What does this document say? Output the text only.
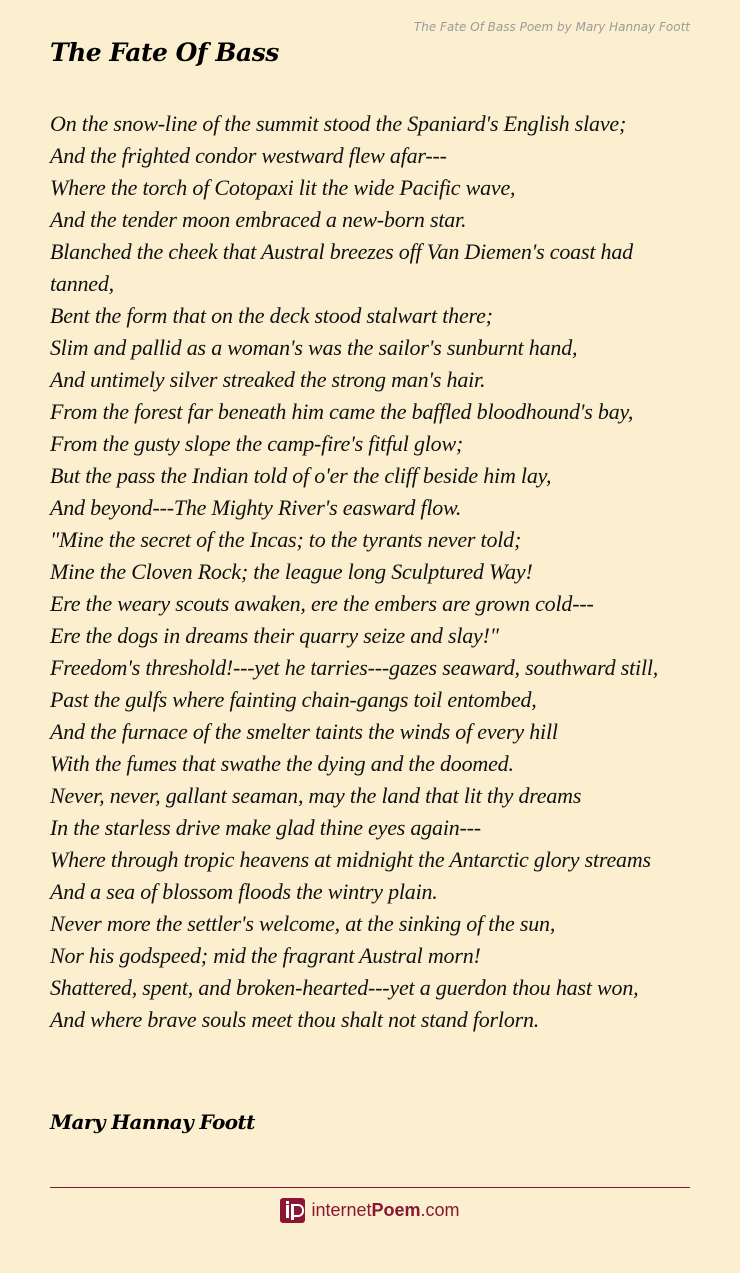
The Fate Of Bass Poem by Mary Hannay Foott
The Fate Of Bass
On the snow-line of the summit stood the Spaniard's English slave;
And the frighted condor westward flew afar---
Where the torch of Cotopaxi lit the wide Pacific wave,
And the tender moon embraced a new-born star.
Blanched the cheek that Austral breezes off Van Diemen's coast had tanned,
Bent the form that on the deck stood stalwart there;
Slim and pallid as a woman's was the sailor's sunburnt hand,
And untimely silver streaked the strong man's hair.
From the forest far beneath him came the baffled bloodhound's bay,
From the gusty slope the camp-fire's fitful glow;
But the pass the Indian told of o'er the cliff beside him lay,
And beyond---The Mighty River's easward flow.
"Mine the secret of the Incas; to the tyrants never told;
Mine the Cloven Rock; the league long Sculptured Way!
Ere the weary scouts awaken, ere the embers are grown cold---
Ere the dogs in dreams their quarry seize and slay!"
Freedom's threshold!---yet he tarries---gazes seaward, southward still,
Past the gulfs where fainting chain-gangs toil entombed,
And the furnace of the smelter taints the winds of every hill
With the fumes that swathe the dying and the doomed.
Never, never, gallant seaman, may the land that lit thy dreams
In the starless drive make glad thine eyes again---
Where through tropic heavens at midnight the Antarctic glory streams
And a sea of blossom floods the wintry plain.
Never more the settler's welcome, at the sinking of the sun,
Nor his godspeed; mid the fragrant Austral morn!
Shattered, spent, and broken-hearted---yet a guerdon thou hast won,
And where brave souls meet thou shalt not stand forlorn.
Mary Hannay Foott
internetPoem.com
